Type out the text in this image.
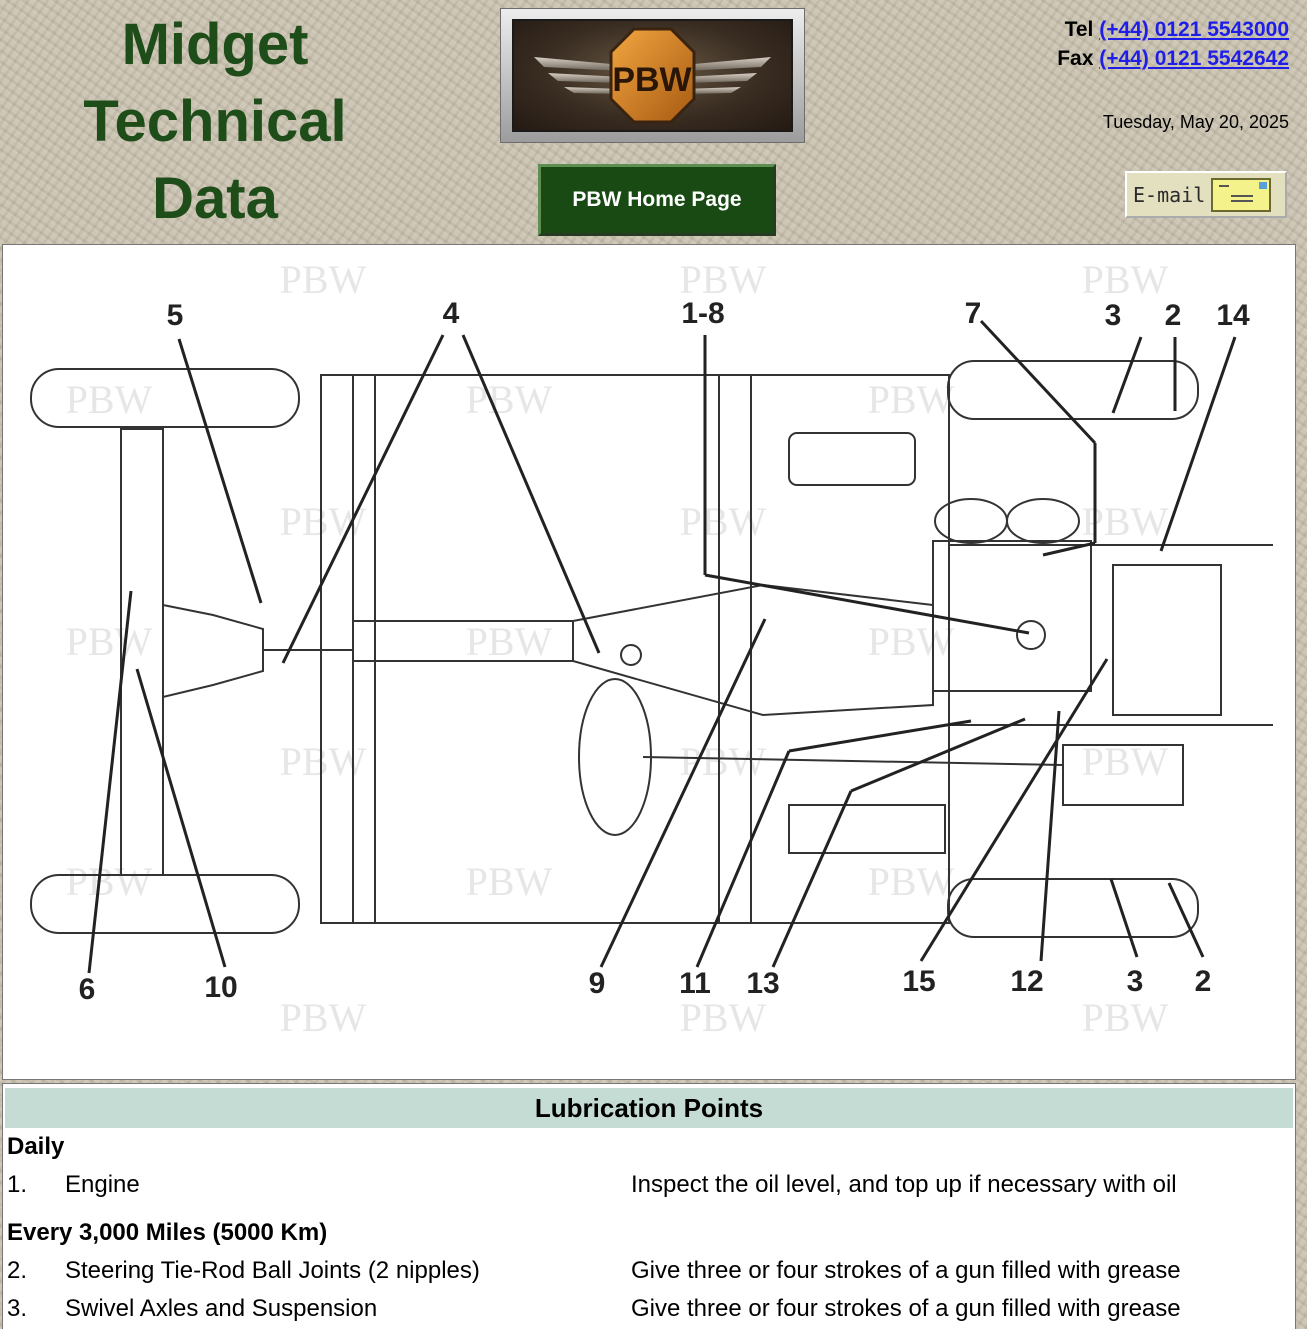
Midget
Technical
Data
PBW
PBW Home Page
Tel (+44) 0121 5543000
Fax (+44) 0121 5542642
Tuesday, May 20, 2025
E-mail
PBW	PBW	PBW
PBW	PBW	PBW
PBW	PBW	PBW
PBW	PBW	PBW
PBW	PBW	PBW
PBW	PBW	PBW
PBW	PBW	PBW
5	4	1-8	7	3 2 14
6	10	9 11 13	15 12	3 2
Lubrication Points
Daily
1.	Engine	Inspect the oil level, and top up if necessary with oil
Every 3,000 Miles (5000 Km)
2.	Steering Tie-Rod Ball Joints (2 nipples)	Give three or four strokes of a gun filled with grease
3.	Swivel Axles and Suspension	Give three or four strokes of a gun filled with grease
